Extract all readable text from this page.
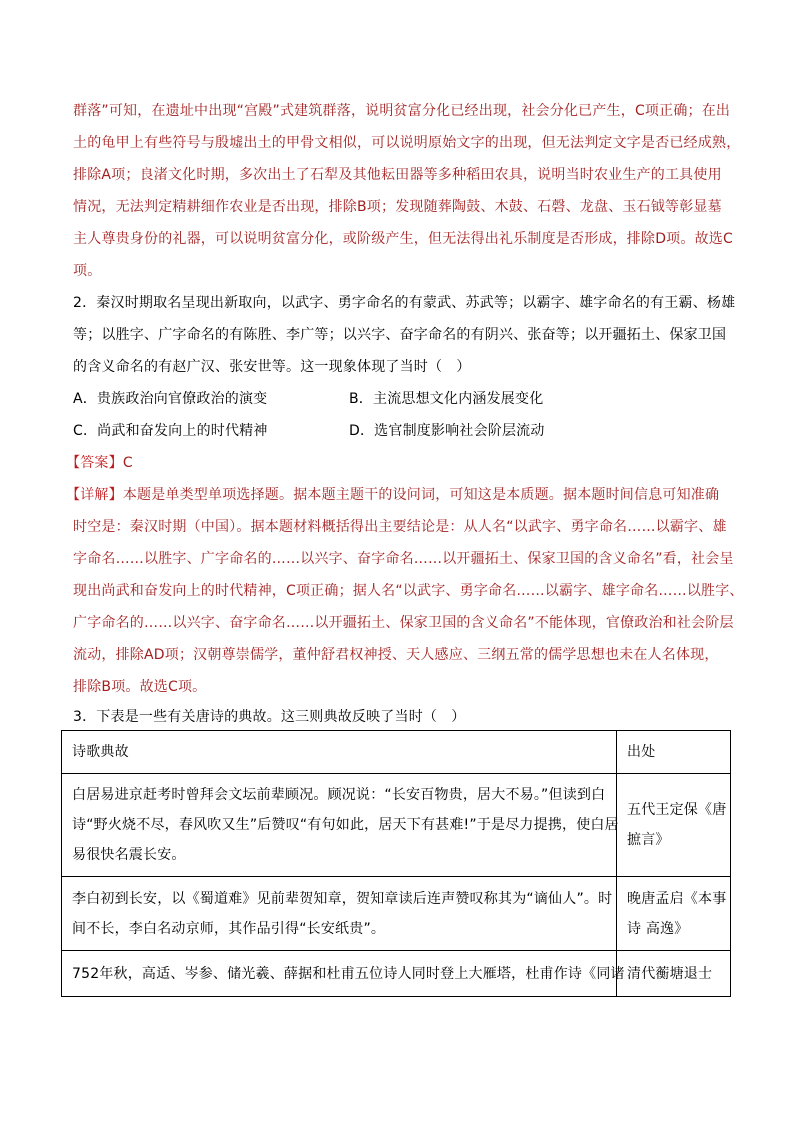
群落”可知，在遗址中出现“宫殿”式建筑群落，说明贫富分化已经出现，社会分化已产生，C项正确；在出
土的龟甲上有些符号与殷墟出土的甲骨文相似，可以说明原始文字的出现，但无法判定文字是否已经成熟，
排除A项；良渚文化时期，多次出土了石犁及其他耘田器等多种稻田农具，说明当时农业生产的工具使用
情况，无法判定精耕细作农业是否出现，排除B项；发现随葬陶鼓、木鼓、石磬、龙盘、玉石钺等彰显墓
主人尊贵身份的礼器，可以说明贫富分化，或阶级产生，但无法得出礼乐制度是否形成，排除D项。故选C
项。
2．秦汉时期取名呈现出新取向，以武字、勇字命名的有蒙武、苏武等；以霸字、雄字命名的有王霸、杨雄
等；以胜字、广字命名的有陈胜、李广等；以兴字、奋字命名的有阴兴、张奋等；以开疆拓土、保家卫国
的含义命名的有赵广汉、张安世等。这一现象体现了当时（　）
A．贵族政治向官僚政治的演变	B．主流思想文化内涵发展变化
C．尚武和奋发向上的时代精神	D．选官制度影响社会阶层流动
【答案】C
【详解】本题是单类型单项选择题。据本题主题干的设问词，可知这是本质题。据本题时间信息可知准确
时空是：秦汉时期（中国）。据本题材料概括得出主要结论是：从人名“以武字、勇字命名……以霸字、雄
字命名……以胜字、广字命名的……以兴字、奋字命名……以开疆拓土、保家卫国的含义命名”看，社会呈
现出尚武和奋发向上的时代精神，C项正确；据人名“以武字、勇字命名……以霸字、雄字命名……以胜字、
广字命名的……以兴字、奋字命名……以开疆拓土、保家卫国的含义命名”不能体现，官僚政治和社会阶层
流动，排除AD项；汉朝尊崇儒学，董仲舒君权神授、天人感应、三纲五常的儒学思想也未在人名体现，
排除B项。故选C项。
3．下表是一些有关唐诗的典故。这三则典故反映了当时（　）
诗歌典故	出处

白居易进京赶考时曾拜会文坛前辈顾况。顾况说：“长安百物贵，居大不易。”但读到白
诗“野火烧不尽，春风吹又生”后赞叹“有句如此，居天下有甚难!”于是尽力提携，使白居
易很快名震长安。	五代王定保《唐
摭言》

李白初到长安，以《蜀道难》见前辈贺知章，贺知章读后连声赞叹称其为“谪仙人”。时
间不长，李白名动京师，其作品引得“长安纸贵”。	晚唐孟启《本事
诗 高逸》

752年秋，高适、岑参、储光羲、薛据和杜甫五位诗人同时登上大雁塔，杜甫作诗《同诸	清代蘅塘退士
